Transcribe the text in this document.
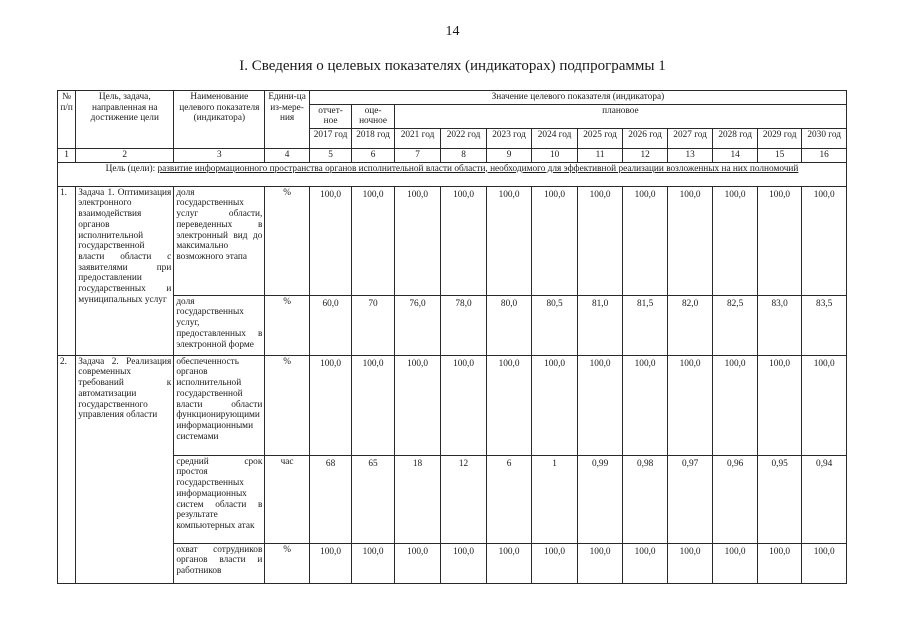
14
I. Сведения о целевых показателях (индикаторах) подпрограммы 1
№ п/п	Цель, задача, направленная на достижение цели	Наименование целевого показателя (индикатора)	Едини-ца из-мере-ния	Значение целевого показателя (индикатора)											
				отчет-ное	оце-ночное	плановое									
				2017 год	2018 год	2021 год	2022 год	2023 год	2024 год	2025 год	2026 год	2027 год	2028 год	2029 год	2030 год
1	2	3	4	5	6	7	8	9	10	11	12	13	14	15	16
Цель (цели): развитие информационного пространства органов исполнительной власти области, необходимого для эффективной реализации возложенных на них полномочий															
1.	Задача 1. Оптимизация электронного взаимодействия органов исполнительной государственной власти области с заявителями при предоставлении государственных и муниципальных услуг	доля государственных услуг области, переведенных в электронный вид до максимально возможного этапа	%	100,0	100,0	100,0	100,0	100,0	100,0	100,0	100,0	100,0	100,0	100,0	100,0
		доля государственных услуг, предоставленных в электронной форме	%	60,0	70	76,0	78,0	80,0	80,5	81,0	81,5	82,0	82,5	83,0	83,5
2.	Задача 2. Реализация современных требований к автоматизации государственного управления области	обеспеченность органов исполнительной государственной власти области функционирующими информационными системами	%	100,0	100,0	100,0	100,0	100,0	100,0	100,0	100,0	100,0	100,0	100,0	100,0
		средний срок простоя государственных информационных систем области в результате компьютерных атак	час	68	65	18	12	6	1	0,99	0,98	0,97	0,96	0,95	0,94
		охват сотрудников органов власти и работников	%	100,0	100,0	100,0	100,0	100,0	100,0	100,0	100,0	100,0	100,0	100,0	100,0
